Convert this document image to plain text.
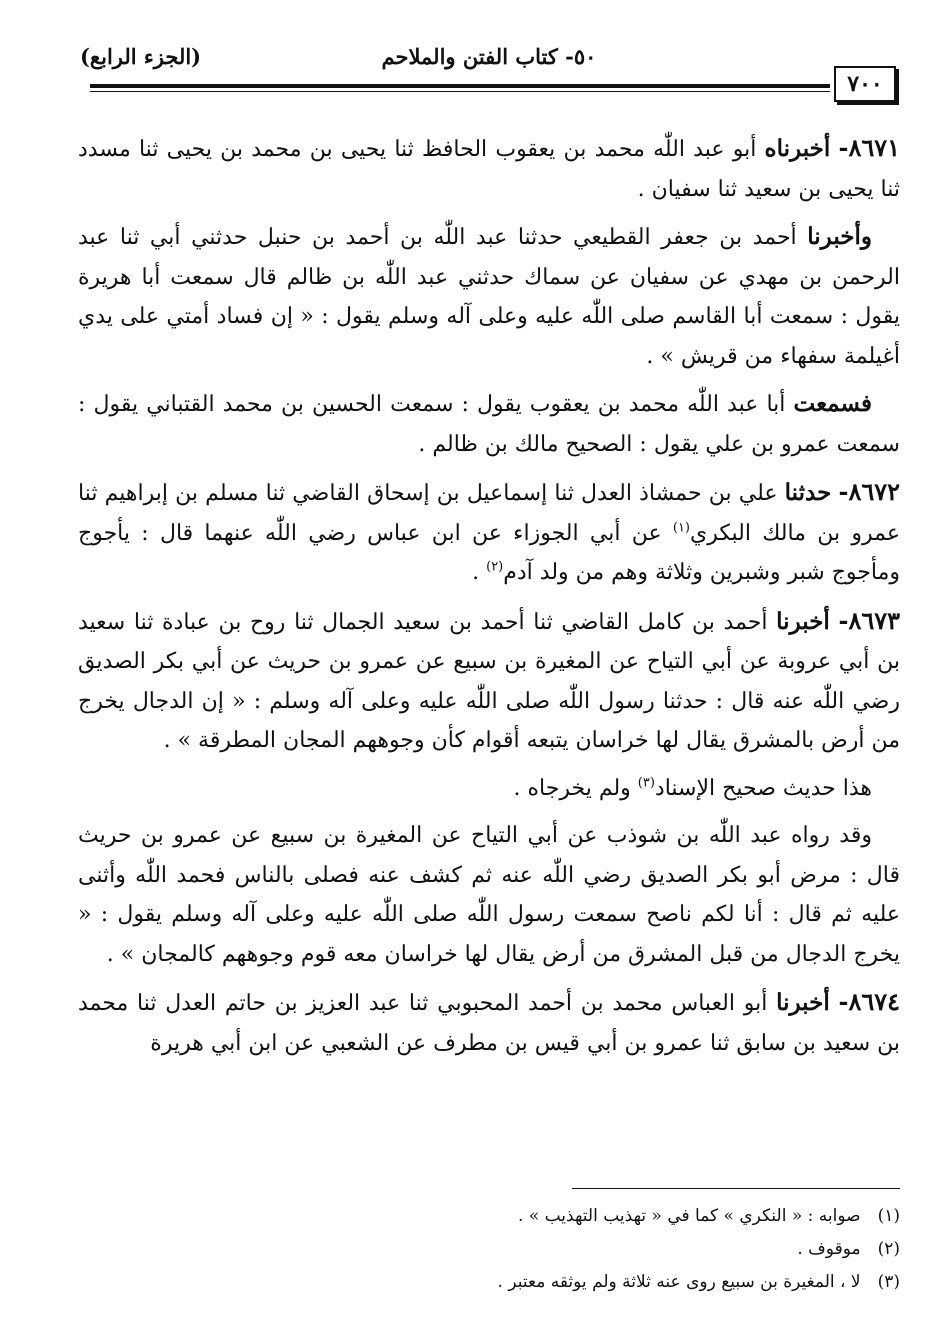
٥٠- كتاب الفتن والملاحم
(الجزء الرابع)
٧٠٠

٨٦٧١- أخبرناه أبو عبد اللّٰه محمد بن يعقوب الحافظ ثنا يحيى بن محمد بن يحيى ثنا مسدد ثنا يحيى بن سعيد ثنا سفيان .

وأخبرنا أحمد بن جعفر القطيعي حدثنا عبد اللّٰه بن أحمد بن حنبل حدثني أبي ثنا عبد الرحمن بن مهدي عن سفيان عن سماك حدثني عبد اللّٰه بن ظالم قال سمعت أبا هريرة يقول : سمعت أبا القاسم صلى اللّٰه عليه وعلى آله وسلم يقول : « إن فساد أمتي على يدي أغيلمة سفهاء من قريش » .

فسمعت أبا عبد اللّٰه محمد بن يعقوب يقول : سمعت الحسين بن محمد القتباني يقول : سمعت عمرو بن علي يقول : الصحيح مالك بن ظالم .

٨٦٧٢- حدثنا علي بن حمشاذ العدل ثنا إسماعيل بن إسحاق القاضي ثنا مسلم بن إبراهيم ثنا عمرو بن مالك البكري$^{(١)}$ عن أبي الجوزاء عن ابن عباس رضي اللّٰه عنهما قال : يأجوج ومأجوج شبر وشبرين وثلاثة وهم من ولد آدم$^{(٢)}$ .

٨٦٧٣- أخبرنا أحمد بن كامل القاضي ثنا أحمد بن سعيد الجمال ثنا روح بن عبادة ثنا سعيد بن أبي عروبة عن أبي التياح عن المغيرة بن سبيع عن عمرو بن حريث عن أبي بكر الصديق رضي اللّٰه عنه قال : حدثنا رسول اللّٰه صلى اللّٰه عليه وعلى آله وسلم : « إن الدجال يخرج من أرض بالمشرق يقال لها خراسان يتبعه أقوام كأن وجوههم المجان المطرقة » .

هذا حديث صحيح الإسناد$^{(٣)}$ ولم يخرجاه .

وقد رواه عبد اللّٰه بن شوذب عن أبي التياح عن المغيرة بن سبيع عن عمرو بن حريث قال : مرض أبو بكر الصديق رضي اللّٰه عنه ثم كشف عنه فصلى بالناس فحمد اللّٰه وأثنى عليه ثم قال : أنا لكم ناصح سمعت رسول اللّٰه صلى اللّٰه عليه وعلى آله وسلم يقول : « يخرج الدجال من قبل المشرق من أرض يقال لها خراسان معه قوم وجوههم كالمجان » .

٨٦٧٤- أخبرنا أبو العباس محمد بن أحمد المحبوبي ثنا عبد العزيز بن حاتم العدل ثنا محمد بن سعيد بن سابق ثنا عمرو بن أبي قيس بن مطرف عن الشعبي عن ابن أبي هريرة

(١) صوابه : « النكري » كما في « تهذيب التهذيب » .

(٢) موقوف .

(٣) لا ، المغيرة بن سبيع روى عنه ثلاثة ولم يوثقه معتبر .
